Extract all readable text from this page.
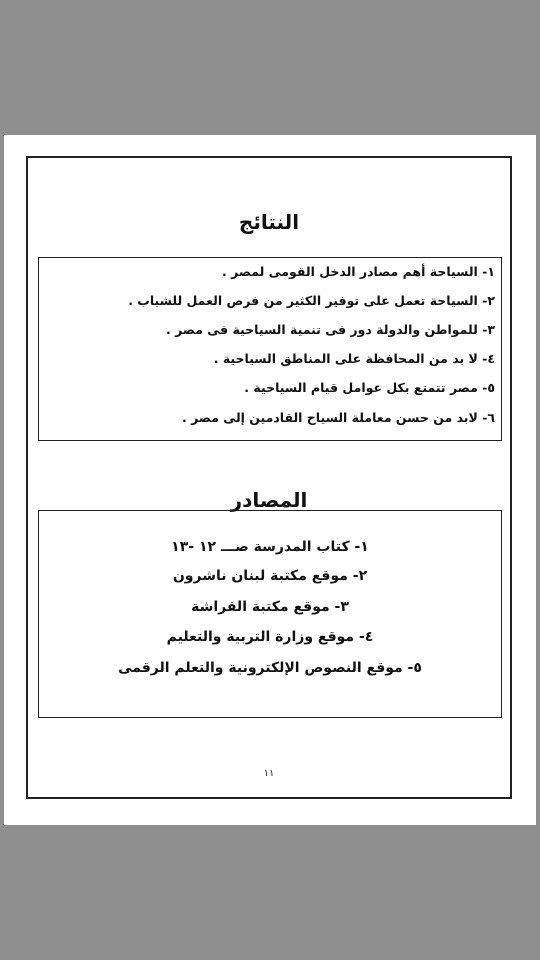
النتائج
١- السياحة أهم مصادر الدخل القومى لمصر .
٢- السياحة تعمل على توفير الكثير من فرص العمل للشباب .
٣- للمواطن والدولة دور فى تنمية السياحية فى مصر .
٤- لا بد من المحافظة على المناطق السياحية .
٥- مصر تتمتع بكل عوامل قيام السياحية .
٦- لابد من حسن معاملة السياح القادمين إلى مصر .
المصادر
١- كتاب المدرسة صـــ ١٢ -١٣
٢- موقع مكتبة لبنان ناشرون
٣- موقع مكتبة الفراشة
٤- موقع وزارة التربية والتعليم
٥- موقع النصوص الإلكترونية والتعلم الرقمى
١١
